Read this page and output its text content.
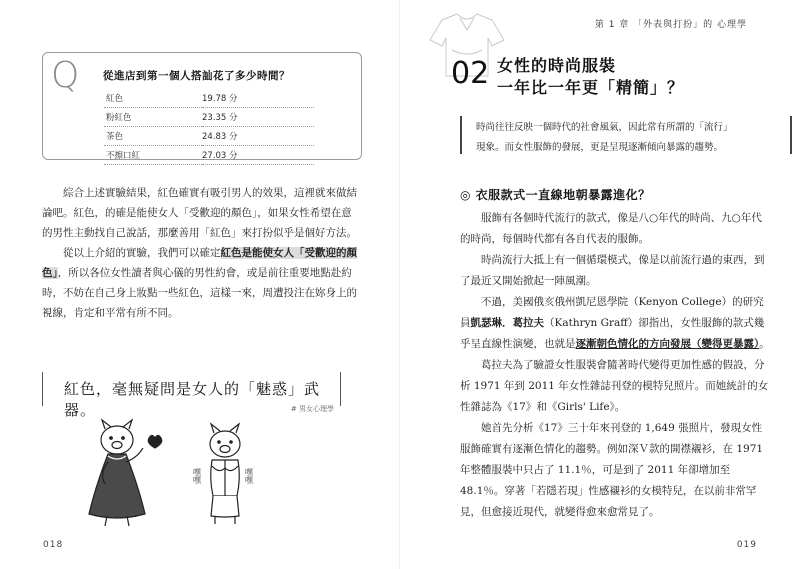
Q 從進店到第一個人搭訕花了多少時間？
紅色	19.78 分
粉紅色	23.35 分
茶色	24.83 分
不擦口紅	27.03 分

綜合上述實驗結果，紅色確實有吸引男人的效果，這裡就來做結論吧。紅色，的確是能使女人「受歡迎的顏色」，如果女性希望在意的男性主動找自己說話，那麼善用「紅色」來打扮似乎是個好方法。

從以上介紹的實驗，我們可以確定紅色是能使女人「受歡迎的顏色」，所以各位女性讀者與心儀的男性約會，或是前往重要地點赴約時，不妨在自己身上妝點一些紅色，這樣一來，周遭投注在妳身上的視線，肯定和平常有所不同。

紅色，毫無疑問是女人的「魅惑」武器。	# 男女心理學
嘿嘿	嘿嘿
018
第 1 章 「外表與打扮」的 心理學
02 女性的時尚服裝
一年比一年更「精簡」？
時尚往往反映一個時代的社會風氣，因此常有所謂的「流行」
現象。而女性服飾的發展，更是呈現逐漸傾向暴露的趨勢。
◎ 衣服款式一直線地朝暴露進化？

服飾有各個時代流行的款式，像是八○年代的時尚、九○年代的時尚，每個時代都有各自代表的服飾。

時尚流行大抵上有一個循環模式，像是以前流行過的東西，到了最近又開始掀起一陣風潮。

不過，美國俄亥俄州凱尼恩學院（Kenyon College）的研究員凱瑟琳．葛拉夫（Kathryn Graff）卻指出，女性服飾的款式幾乎呈直線性演變，也就是逐漸朝色情化的方向發展（變得更暴露）。

葛拉夫為了驗證女性服裝會隨著時代變得更加性感的假設，分析 1971 年到 2011 年女性雜誌刊登的模特兒照片。而她統計的女性雜誌為《17》和《Girls' Life》。

她首先分析《17》三十年來刊登的 1,649 張照片，發現女性服飾確實有逐漸色情化的趨勢。例如深Ｖ款的開襟襯衫，在 1971 年整體服裝中只占了 11.1％，可是到了 2011 年卻增加至 48.1％。穿著「若隱若現」性感襯衫的女模特兒，在以前非常罕見，但愈接近現代，就變得愈來愈常見了。

019
